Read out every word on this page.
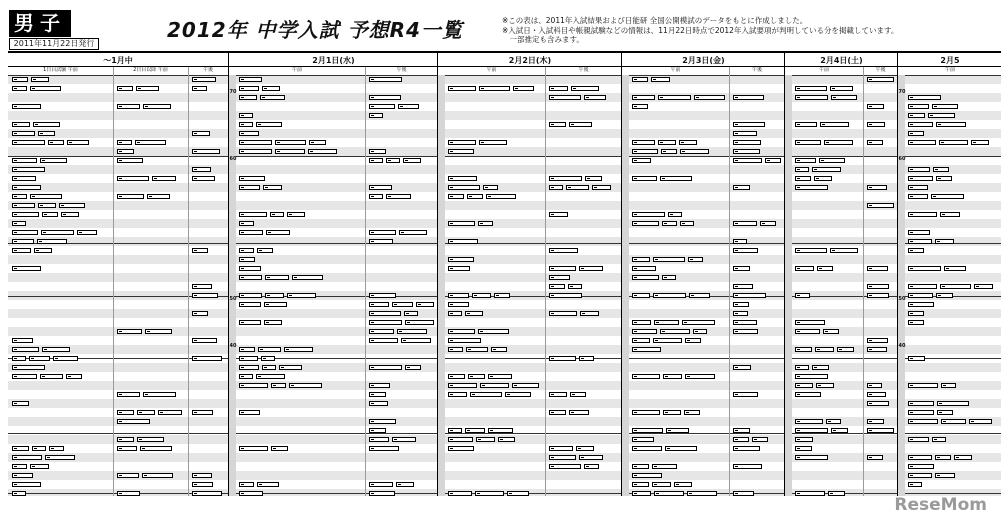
男子
2011年11月22日発行
2012年 中学入試 予想R4一覧	※この表は、2011年入試結果および日能研 全国公開模試のデータをもとに作成しました。
※入試日・入試科目や帳親試験などの情報は、11月22日時点で2012年入試要項が判明している分を掲載しています。
　一部推定も含みます。
〜1月中
1日目試験 午前	2日目以降 午前	午後
2月1日(水)
午前	午後
70
60
50
40
2月2日(木)
午前	午後
2月3日(金)
午前	午後
2月4日(土)
午前	午後
2月5
午前
70
60
50
40
ReseMom
